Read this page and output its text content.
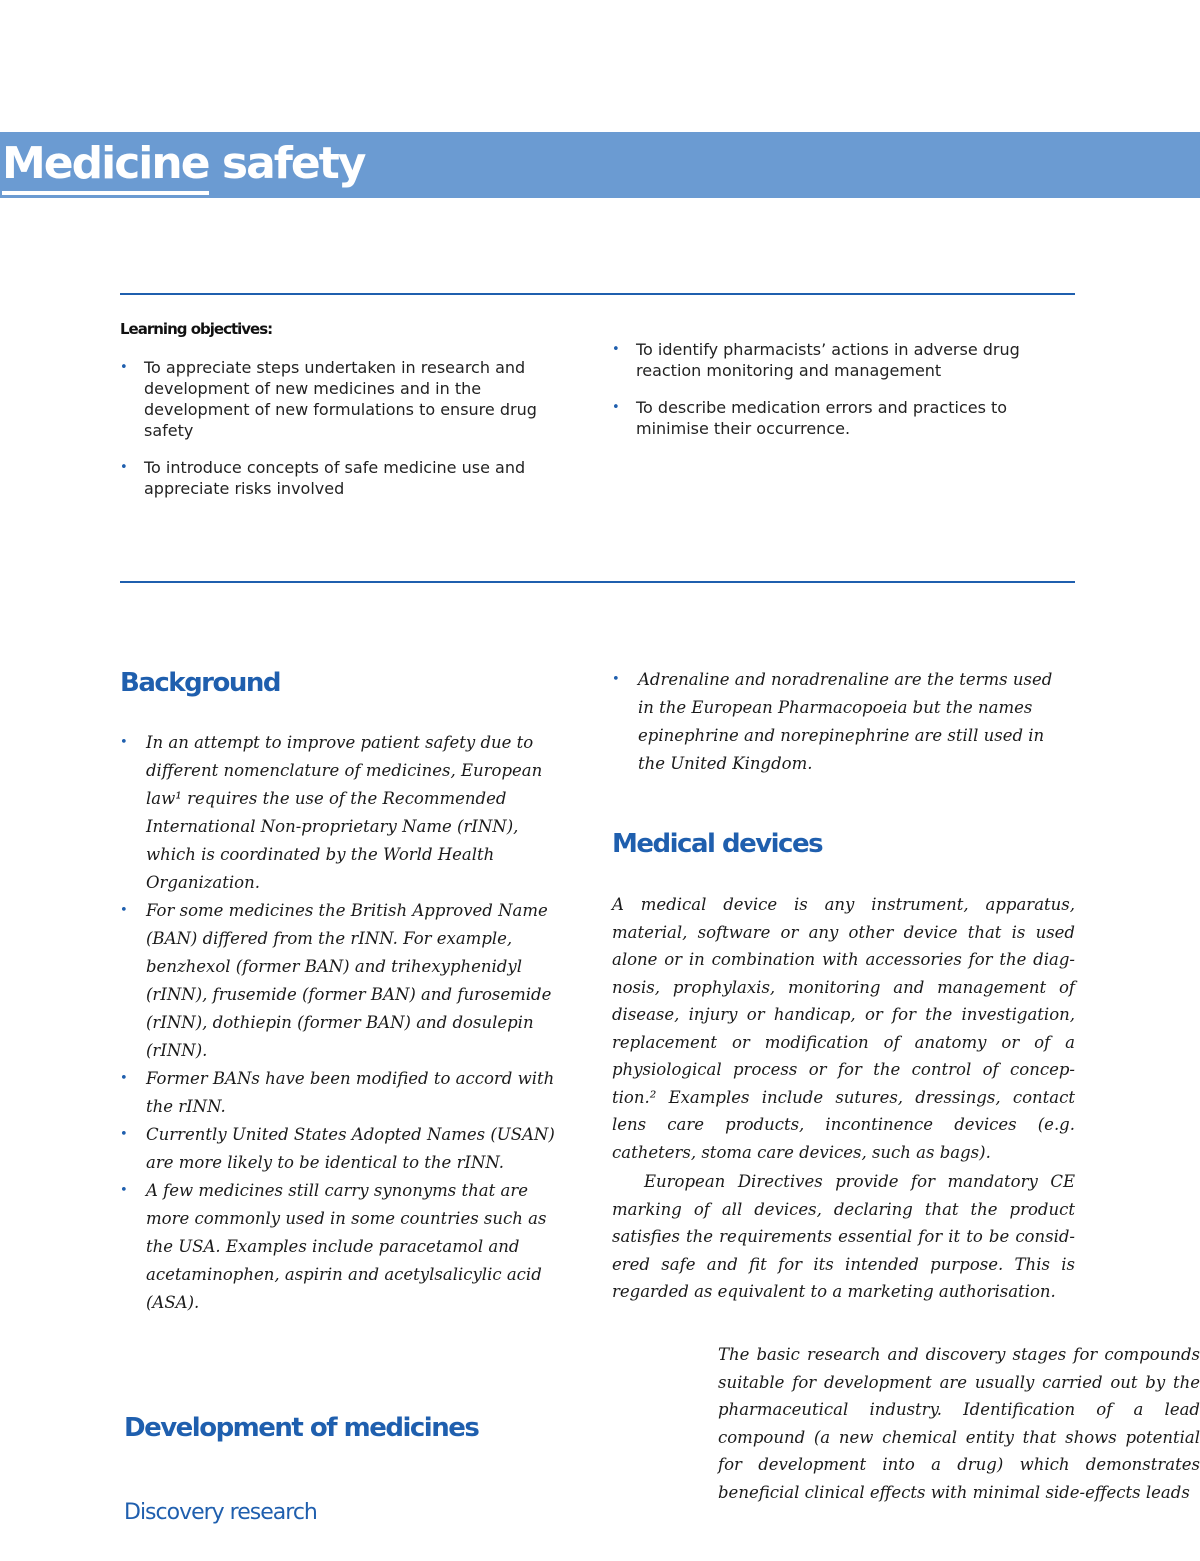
Medicine safety

Learning objectives:

• To appreciate steps undertaken in research and development of new medicines and in the development of new formulations to ensure drug safety
• To introduce concepts of safe medicine use and appreciate risks involved
• To identify pharmacists’ actions in adverse drug reaction monitoring and management
• To describe medication errors and practices to minimise their occurrence.
Background
• In an attempt to improve patient safety due to different nomenclature of medicines, European law¹ requires the use of the Recommended International Non-proprietary Name (rINN), which is coordinated by the World Health Organization.
• For some medicines the British Approved Name (BAN) differed from the rINN. For example, benzhexol (former BAN) and trihexyphenidyl (rINN), frusemide (former BAN) and furosemide (rINN), dothiepin (former BAN) and dosulepin (rINN).
• Former BANs have been modified to accord with the rINN.
• Currently United States Adopted Names (USAN) are more likely to be identical to the rINN.
• A few medicines still carry synonyms that are more commonly used in some countries such as the USA. Examples include paracetamol and acetaminophen, aspirin and acetylsalicylic acid (ASA).
• Adrenaline and noradrenaline are the terms used in the European Pharmacopoeia but the names epinephrine and norepinephrine are still used in the United Kingdom.
Medical devices

A medical device is any instrument, apparatus, material, software or any other device that is used alone or in combination with accessories for the diag-nosis, prophylaxis, monitoring and management of disease, injury or handicap, or for the investigation, replacement or modification of anatomy or of a physiological process or for the control of concep-tion.² Examples include sutures, dressings, contact lens care products, incontinence devices (e.g. catheters, stoma care devices, such as bags).

European Directives provide for mandatory CE marking of all devices, declaring that the product satisfies the requirements essential for it to be consid-ered safe and fit for its intended purpose. This is regarded as equivalent to a marketing authorisation.

Development of medicines
Discovery research

The basic research and discovery stages for compounds suitable for development are usually carried out by the pharmaceutical industry. Identification of a lead compound (a new chemical entity that shows potential for development into a drug) which demonstrates beneficial clinical effects with minimal side-effects leads
